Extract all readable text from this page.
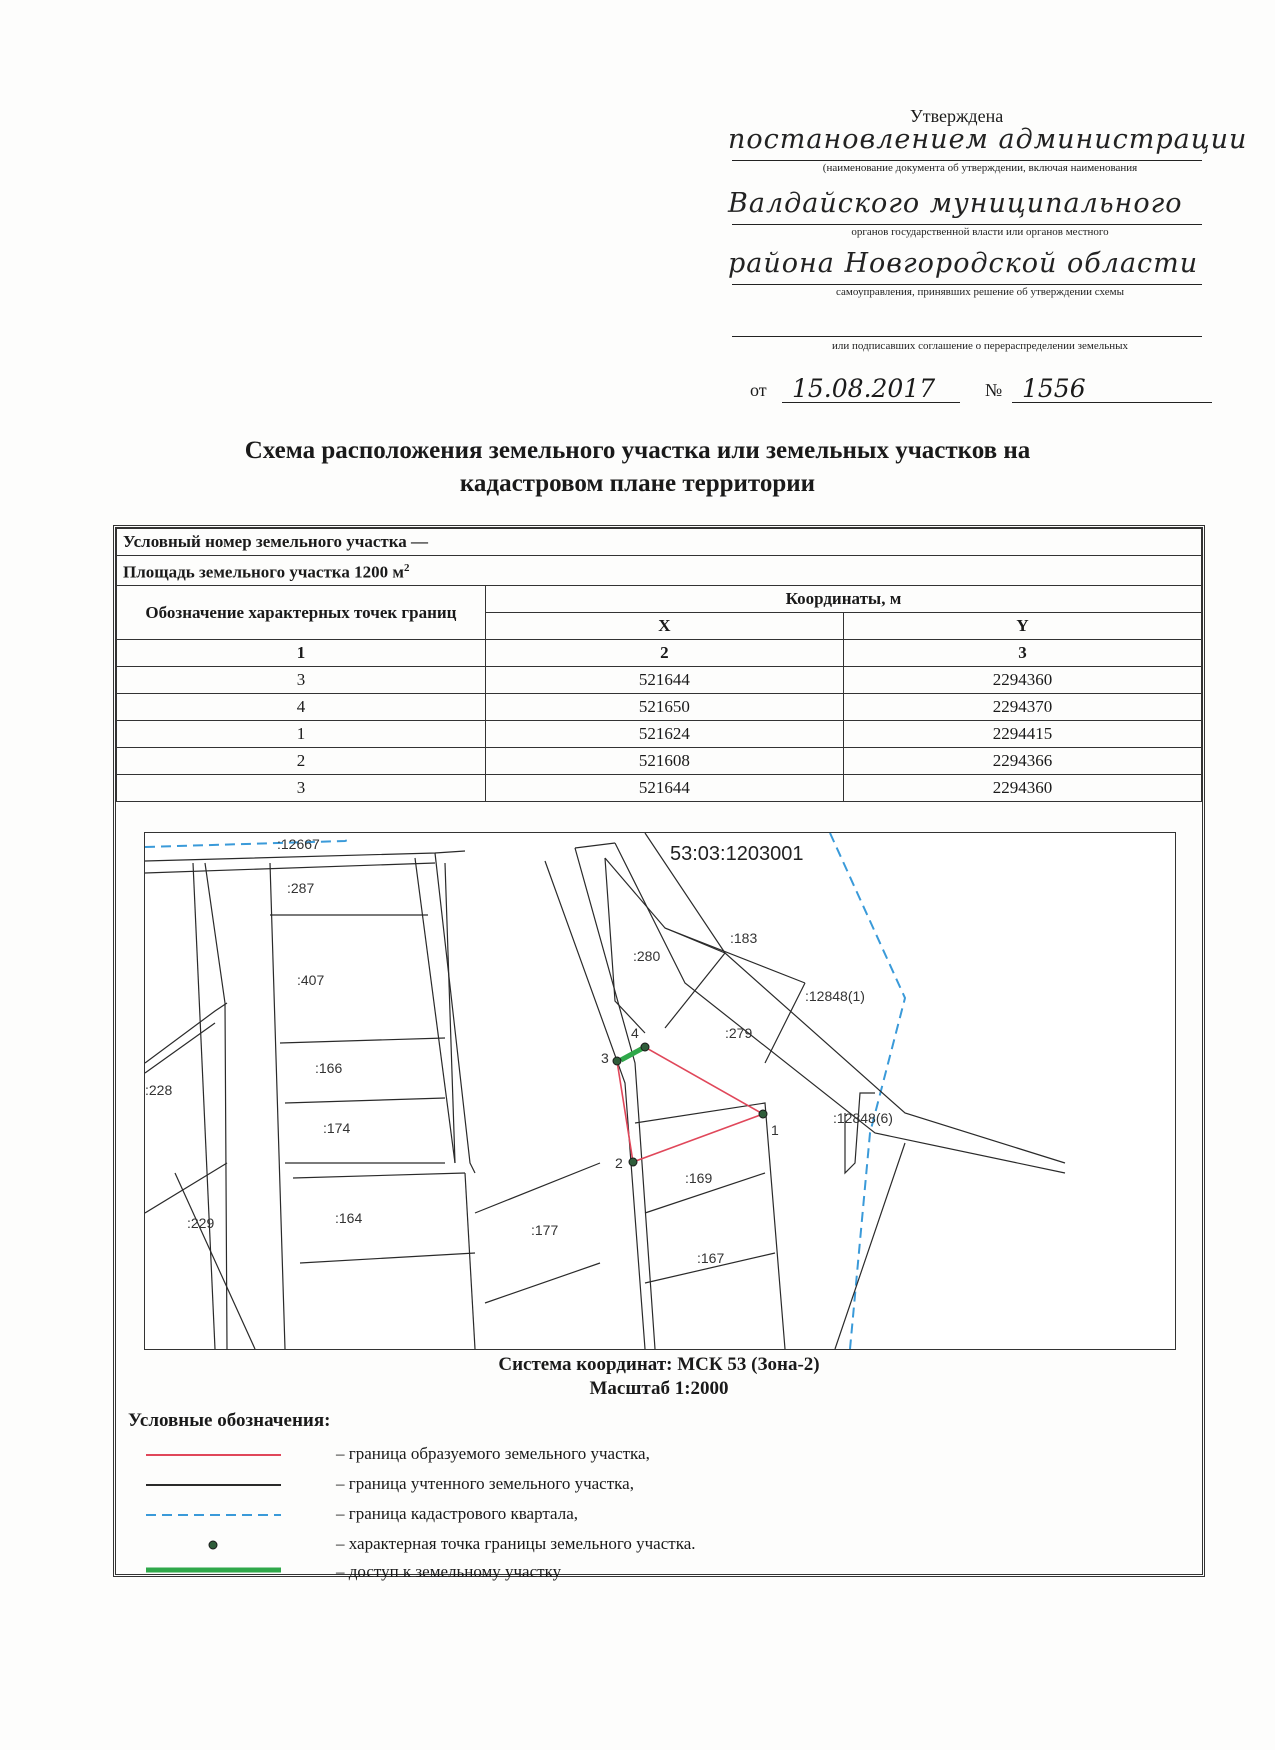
Утверждена
постановлением администрации
(наименование документа об утверждении, включая наименования
Валдайского муниципального
органов государственной власти или органов местного
района Новгородской области
самоуправления, принявших решение об утверждении схемы
или подписавших соглашение о перераспределении земельных
от 15.08.2017	№ 1556
Схема расположения земельного участка или земельных участков на
кадастровом плане территории
Условный номер земельного участка —		
Площадь земельного участка 1200 $м^2$
Обозначение характерных точек границ	Координаты, м	
	X	Y
1	2	3
3	521644	2294360
4	521650	2294370
1	521624	2294415
2	521608	2294366
3	521644	2294360
53:03:1203001
:12667
:287
:407
:166
:174
:164
:229
:228
:280
:183
:279
:12848(1)
:12848(6)
:169
:167
:177
1
2
3
4
Система координат: МСК 53 (Зона-2)
Масштаб 1:2000
Условные обозначения:
– граница образуемого земельного участка,
– граница учтенного земельного участка,
– граница кадастрового квартала,
– характерная точка границы земельного участка.
– доступ к земельному участку
